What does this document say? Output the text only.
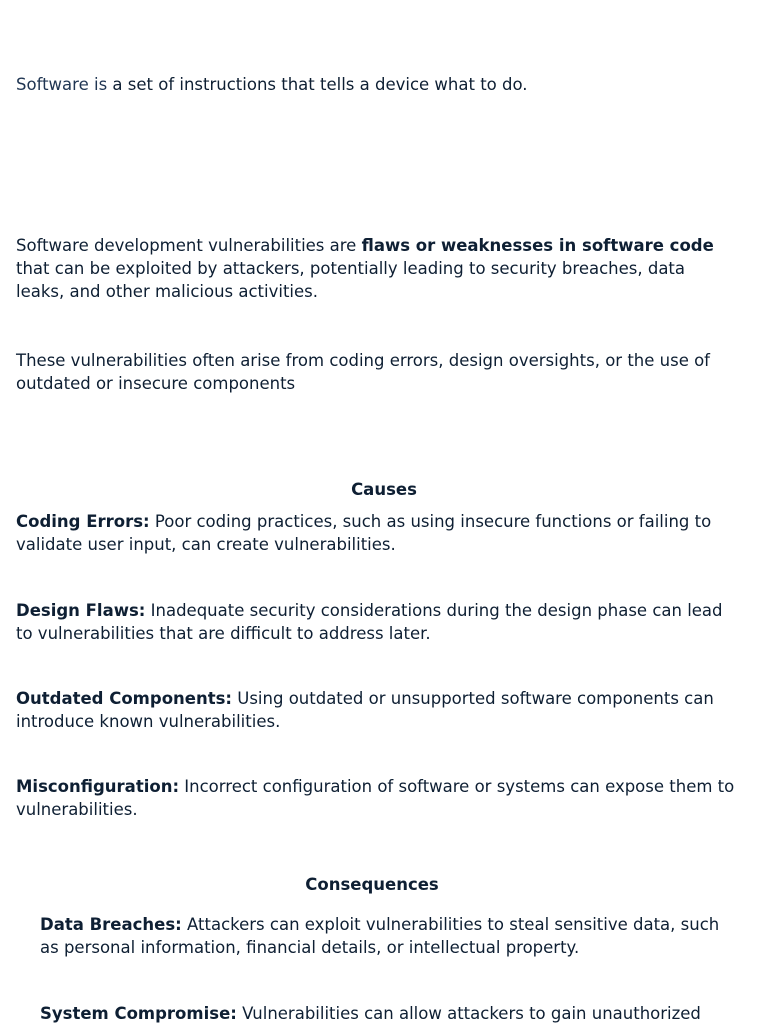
Software is a set of instructions that tells a device what to do.

Software development vulnerabilities are flaws or weaknesses in software code that can be exploited by attackers, potentially leading to security breaches, data leaks, and other malicious activities.

These vulnerabilities often arise from coding errors, design oversights, or the use of outdated or insecure components

Causes

Coding Errors: Poor coding practices, such as using insecure functions or failing to validate user input, can create vulnerabilities.

Design Flaws: Inadequate security considerations during the design phase can lead to vulnerabilities that are difficult to address later.

Outdated Components: Using outdated or unsupported software components can introduce known vulnerabilities.

Misconfiguration: Incorrect configuration of software or systems can expose them to vulnerabilities.

Consequences

Data Breaches: Attackers can exploit vulnerabilities to steal sensitive data, such as personal information, financial details, or intellectual property.

System Compromise: Vulnerabilities can allow attackers to gain unauthorized
